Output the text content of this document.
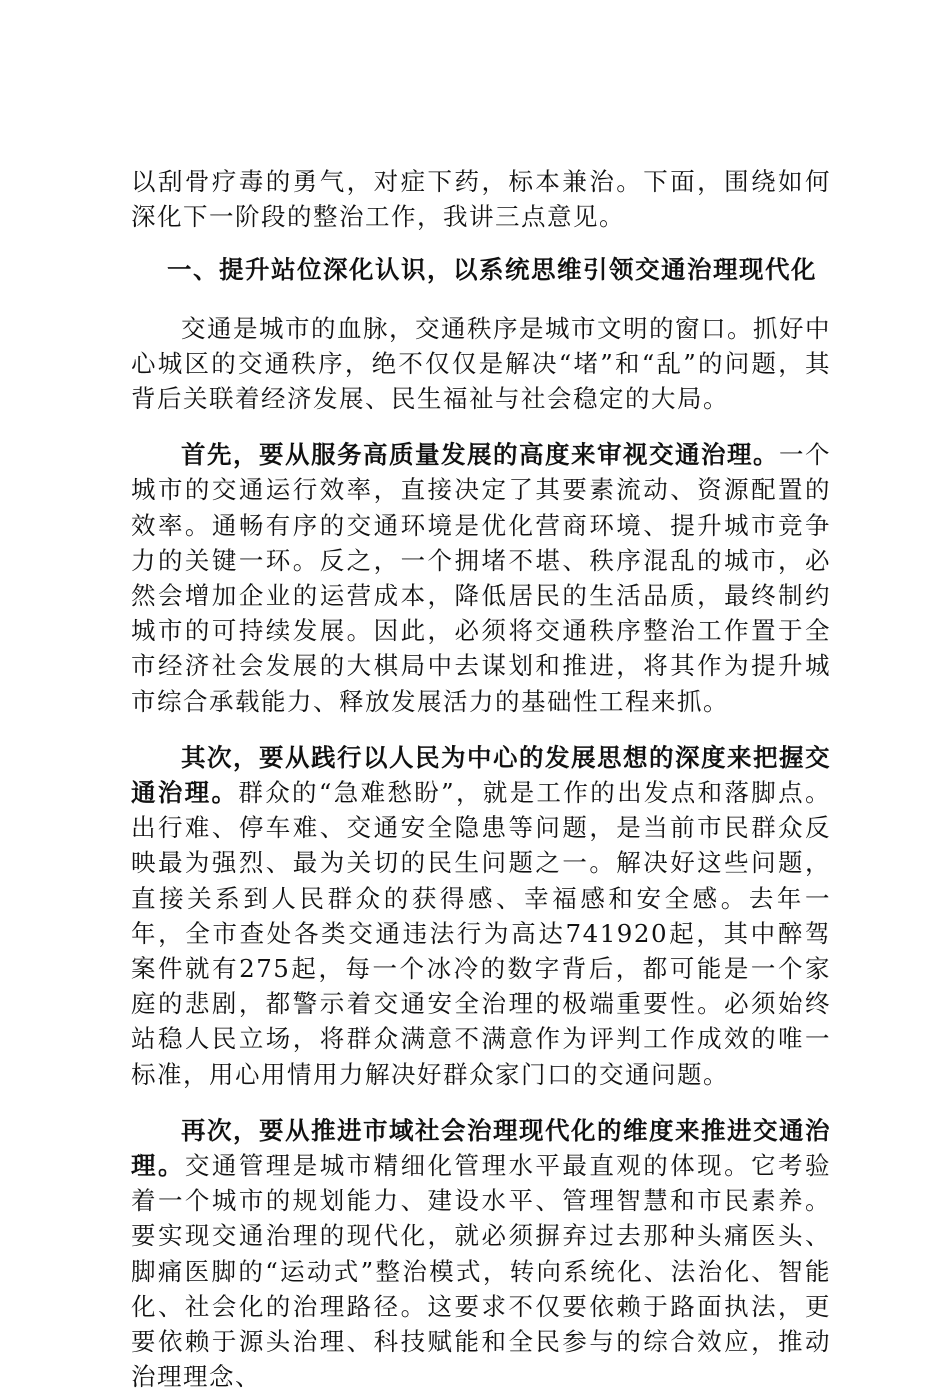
以刮骨疗毒的勇气，对症下药，标本兼治。下面，围绕如何深化下一阶段的整治工作，我讲三点意见。

一、提升站位深化认识，以系统思维引领交通治理现代化

交通是城市的血脉，交通秩序是城市文明的窗口。抓好中心城区的交通秩序，绝不仅仅是解决“堵”和“乱”的问题，其背后关联着经济发展、民生福祉与社会稳定的大局。

首先，要从服务高质量发展的高度来审视交通治理。一个城市的交通运行效率，直接决定了其要素流动、资源配置的效率。通畅有序的交通环境是优化营商环境、提升城市竞争力的关键一环。反之，一个拥堵不堪、秩序混乱的城市，必然会增加企业的运营成本，降低居民的生活品质，最终制约城市的可持续发展。因此，必须将交通秩序整治工作置于全市经济社会发展的大棋局中去谋划和推进，将其作为提升城市综合承载能力、释放发展活力的基础性工程来抓。

其次，要从践行以人民为中心的发展思想的深度来把握交通治理。群众的“急难愁盼”，就是工作的出发点和落脚点。出行难、停车难、交通安全隐患等问题，是当前市民群众反映最为强烈、最为关切的民生问题之一。解决好这些问题，直接关系到人民群众的获得感、幸福感和安全感。去年一年，全市查处各类交通违法行为高达741920起，其中醉驾案件就有275起，每一个冰冷的数字背后，都可能是一个家庭的悲剧，都警示着交通安全治理的极端重要性。必须始终站稳人民立场，将群众满意不满意作为评判工作成效的唯一标准，用心用情用力解决好群众家门口的交通问题。

再次，要从推进市域社会治理现代化的维度来推进交通治理。交通管理是城市精细化管理水平最直观的体现。它考验着一个城市的规划能力、建设水平、管理智慧和市民素养。要实现交通治理的现代化，就必须摒弃过去那种头痛医头、脚痛医脚的“运动式”整治模式，转向系统化、法治化、智能化、社会化的治理路径。这要求不仅要依赖于路面执法，更要依赖于源头治理、科技赋能和全民参与的综合效应，推动治理理念、
